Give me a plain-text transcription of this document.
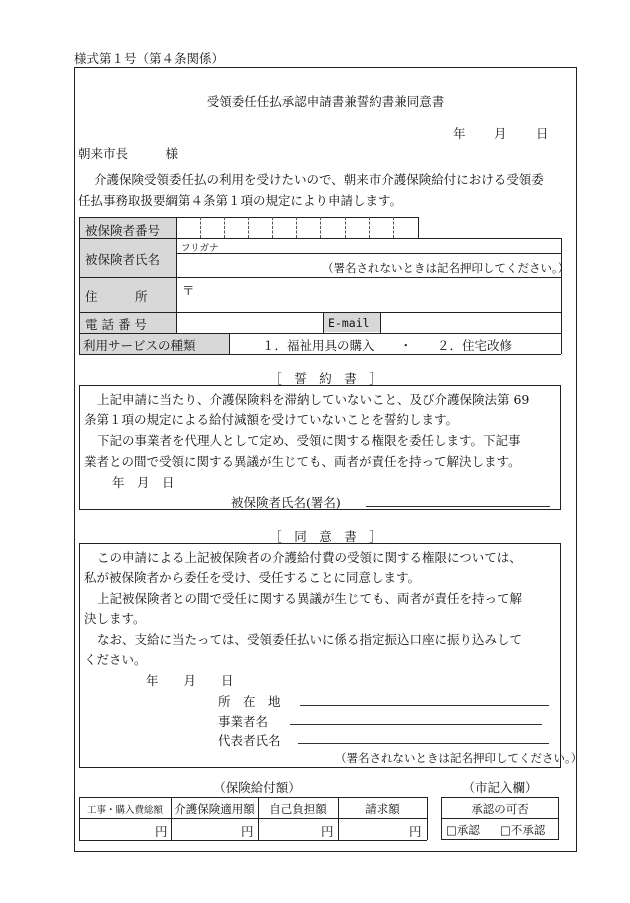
様式第１号（第４条関係）
受領委任任払承認申請書兼誓約書兼同意書
年 月 日
朝来市長　　　様
介護保険受領委任払の利用を受けたいので、朝来市介護保険給付における受領委
任払事務取扱要綱第４条第１項の規定により申請します。
被保険者番号
被保険者氏名
フリガナ
（署名されないときは記名押印してください。）
住　　　所	〒
電 話 番 号	E-mail
利用サービスの種類	１．福祉用具の購入　　・　　２．住宅改修
［　誓　約　書　］
上記申請に当たり、介護保険料を滞納していないこと、及び介護保険法第 69
条第１項の規定による給付減額を受けていないことを誓約します。
下記の事業者を代理人として定め、受領に関する権限を委任します。下記事
業者との間で受領に関する異議が生じても、両者が責任を持って解決します。
年　月　日
被保険者氏名(署名)
［　同　意　書　］
この申請による上記被保険者の介護給付費の受領に関する権限については、
私が被保険者から委任を受け、受任することに同意します。
上記被保険者との間で受任に関する異議が生じても、両者が責任を持って解
決します。
なお、支給に当たっては、受領委任払いに係る指定振込口座に振り込みして
ください。
年　　月　　日
所　在　地
事業者名
代表者氏名
（署名されないときは記名押印してください。）
（保険給付額）	（市記入欄）
工事・購入費総額 介護保険適用額	自己負担額	請求額
円	円	円	円
承認の可否
□承認 □不承認
